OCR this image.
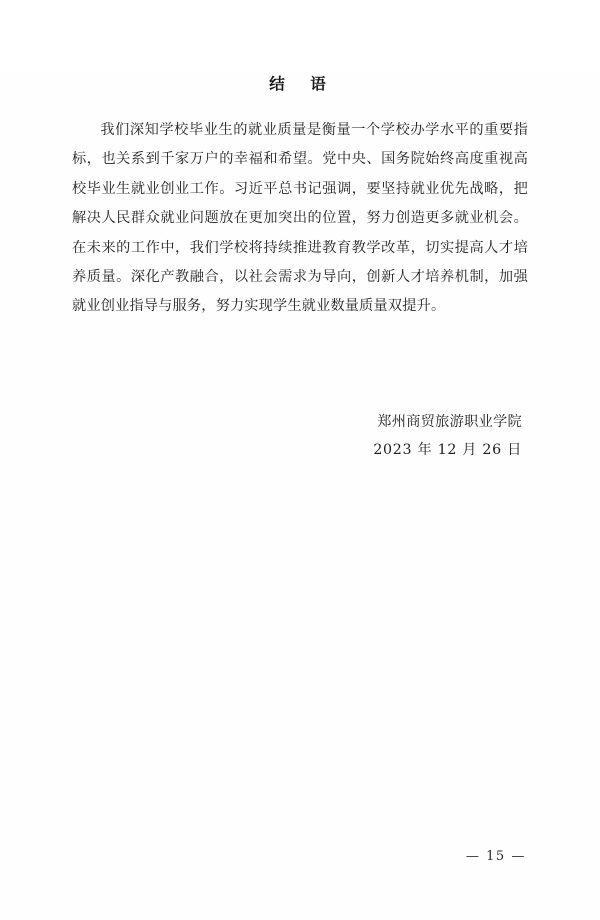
结　语

我们深知学校毕业生的就业质量是衡量一个学校办学水平的重要指标，也关系到千家万户的幸福和希望。党中央、国务院始终高度重视高校毕业生就业创业工作。习近平总书记强调，要坚持就业优先战略，把解决人民群众就业问题放在更加突出的位置，努力创造更多就业机会。在未来的工作中，我们学校将持续推进教育教学改革，切实提高人才培养质量。深化产教融合，以社会需求为导向，创新人才培养机制，加强就业创业指导与服务，努力实现学生就业数量质量双提升。

郑州商贸旅游职业学院
2023 年 12 月 26 日
— 15 —
